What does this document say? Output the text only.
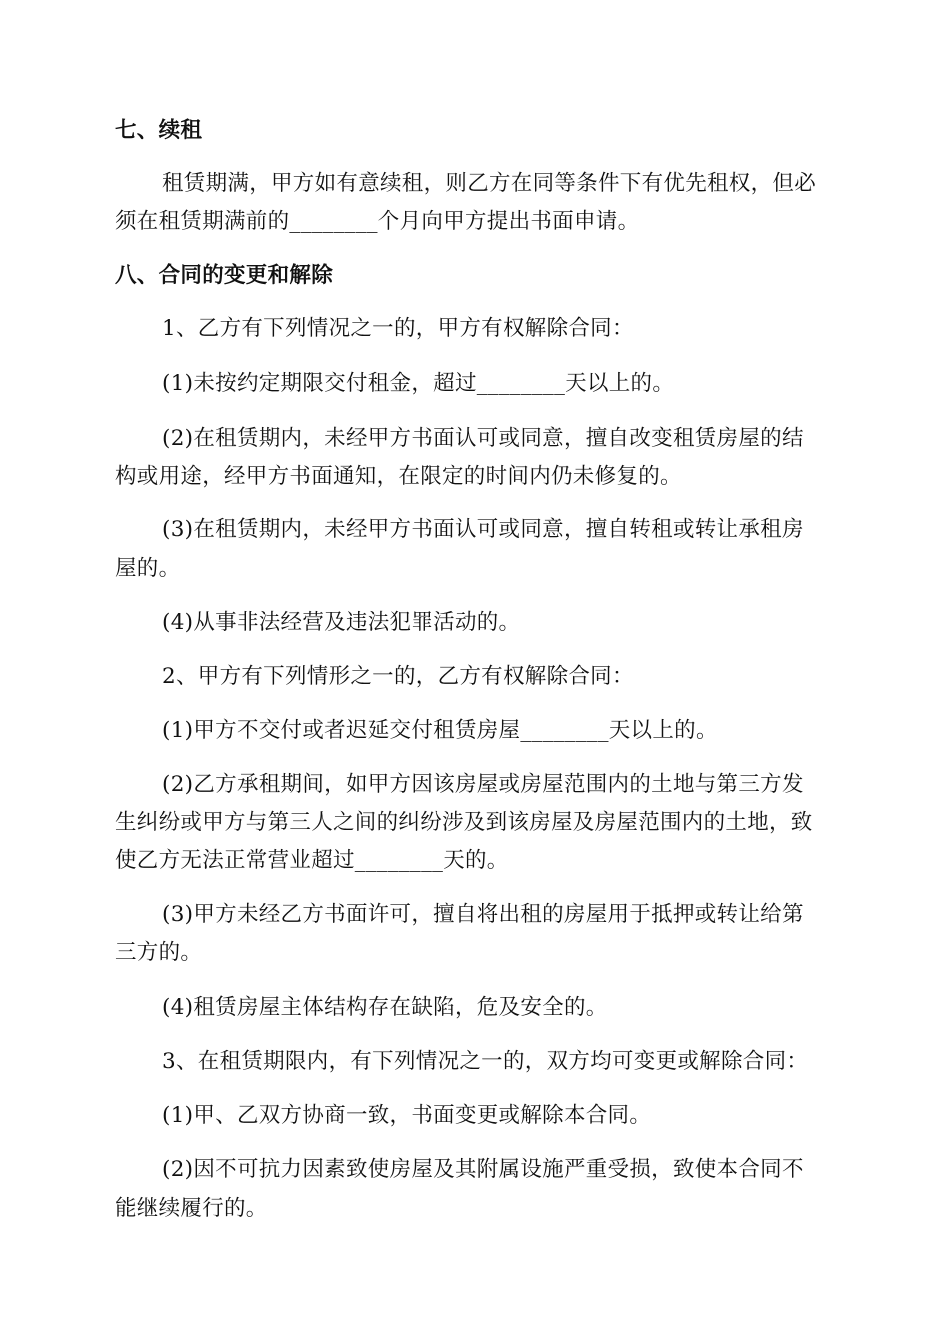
七、续租
租赁期满，甲方如有意续租，则乙方在同等条件下有优先租权，但必
须在租赁期满前的________个月向甲方提出书面申请。
八、合同的变更和解除
1、乙方有下列情况之一的，甲方有权解除合同：
(1)未按约定期限交付租金，超过________天以上的。
(2)在租赁期内，未经甲方书面认可或同意，擅自改变租赁房屋的结
构或用途，经甲方书面通知，在限定的时间内仍未修复的。
(3)在租赁期内，未经甲方书面认可或同意，擅自转租或转让承租房
屋的。
(4)从事非法经营及违法犯罪活动的。
2、甲方有下列情形之一的，乙方有权解除合同：
(1)甲方不交付或者迟延交付租赁房屋________天以上的。
(2)乙方承租期间，如甲方因该房屋或房屋范围内的土地与第三方发
生纠纷或甲方与第三人之间的纠纷涉及到该房屋及房屋范围内的土地，致
使乙方无法正常营业超过________天的。
(3)甲方未经乙方书面许可，擅自将出租的房屋用于抵押或转让给第
三方的。
(4)租赁房屋主体结构存在缺陷，危及安全的。
3、在租赁期限内，有下列情况之一的，双方均可变更或解除合同：
(1)甲、乙双方协商一致，书面变更或解除本合同。
(2)因不可抗力因素致使房屋及其附属设施严重受损，致使本合同不
能继续履行的。
